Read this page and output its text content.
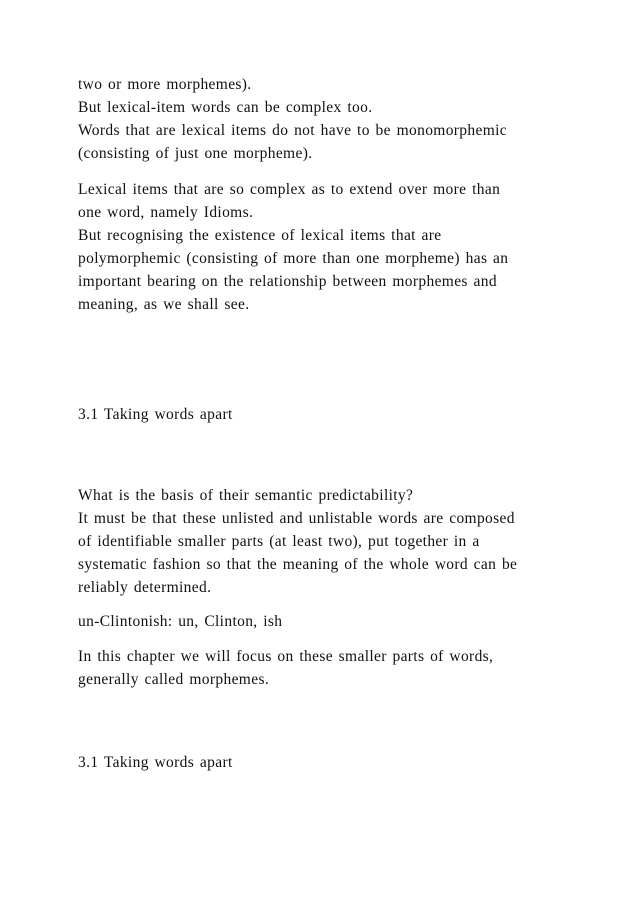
two or more morphemes).

But lexical-item words can be complex too.

Words that are lexical items do not have to be monomorphemic

(consisting of just one morpheme).

Lexical items that are so complex as to extend over more than

one word, namely Idioms.

But recognising the existence of lexical items that are

polymorphemic (consisting of more than one morpheme) has an

important bearing on the relationship between morphemes and

meaning, as we shall see.

3.1 Taking words apart

What is the basis of their semantic predictability?

It must be that these unlisted and unlistable words are composed

of identifiable smaller parts (at least two), put together in a

systematic fashion so that the meaning of the whole word can be

reliably determined.

un-Clintonish: un, Clinton, ish

In this chapter we will focus on these smaller parts of words,

generally called morphemes.

3.1 Taking words apart
